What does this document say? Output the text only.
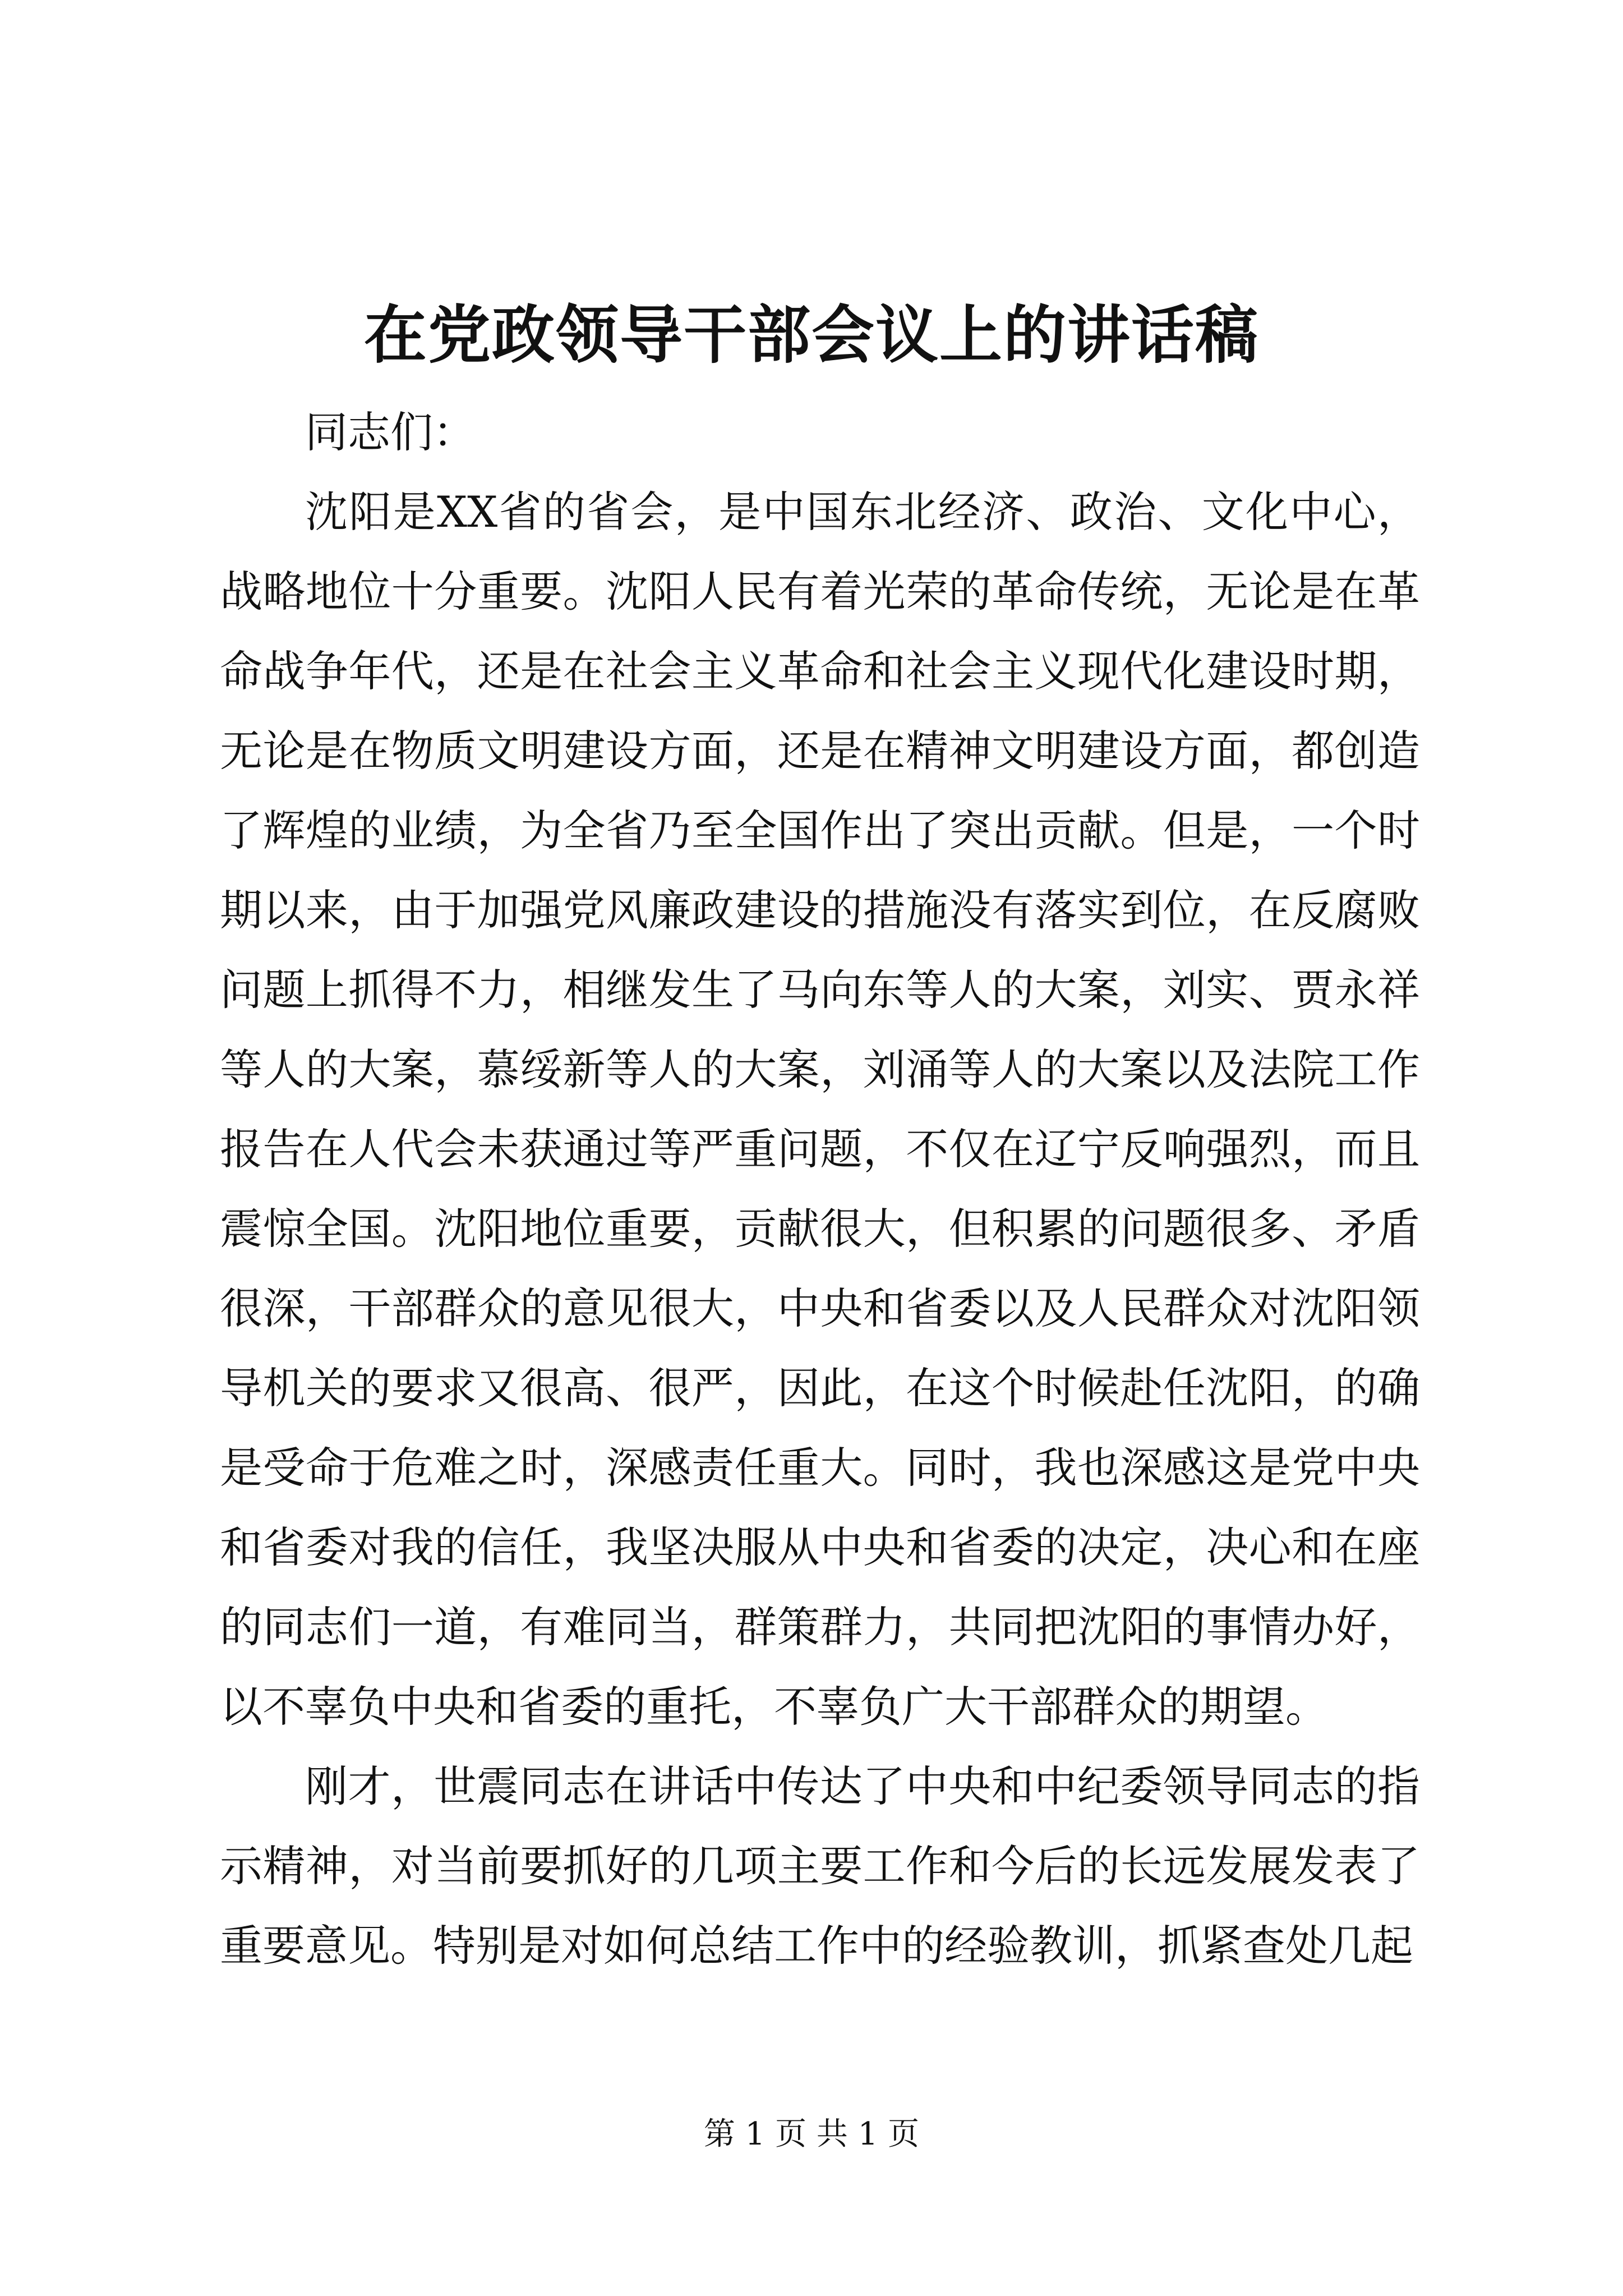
在党政领导干部会议上的讲话稿

同志们：

沈阳是XX省的省会，是中国东北经济、政治、文化中心，战略地位十分重要。沈阳人民有着光荣的革命传统，无论是在革命战争年代，还是在社会主义革命和社会主义现代化建设时期，无论是在物质文明建设方面，还是在精神文明建设方面，都创造了辉煌的业绩，为全省乃至全国作出了突出贡献。但是，一个时期以来，由于加强党风廉政建设的措施没有落实到位，在反腐败问题上抓得不力，相继发生了马向东等人的大案，刘实、贾永祥等人的大案，慕绥新等人的大案，刘涌等人的大案以及法院工作报告在人代会未获通过等严重问题，不仅在辽宁反响强烈，而且震惊全国。沈阳地位重要，贡献很大，但积累的问题很多、矛盾很深，干部群众的意见很大，中央和省委以及人民群众对沈阳领导机关的要求又很高、很严，因此，在这个时候赴任沈阳，的确是受命于危难之时，深感责任重大。同时，我也深感这是党中央和省委对我的信任，我坚决服从中央和省委的决定，决心和在座的同志们一道，有难同当，群策群力，共同把沈阳的事情办好，以不辜负中央和省委的重托，不辜负广大干部群众的期望。

刚才，世震同志在讲话中传达了中央和中纪委领导同志的指示精神，对当前要抓好的几项主要工作和今后的长远发展发表了重要意见。特别是对如何总结工作中的经验教训，抓紧查处几起

第 1 页 共 1 页
